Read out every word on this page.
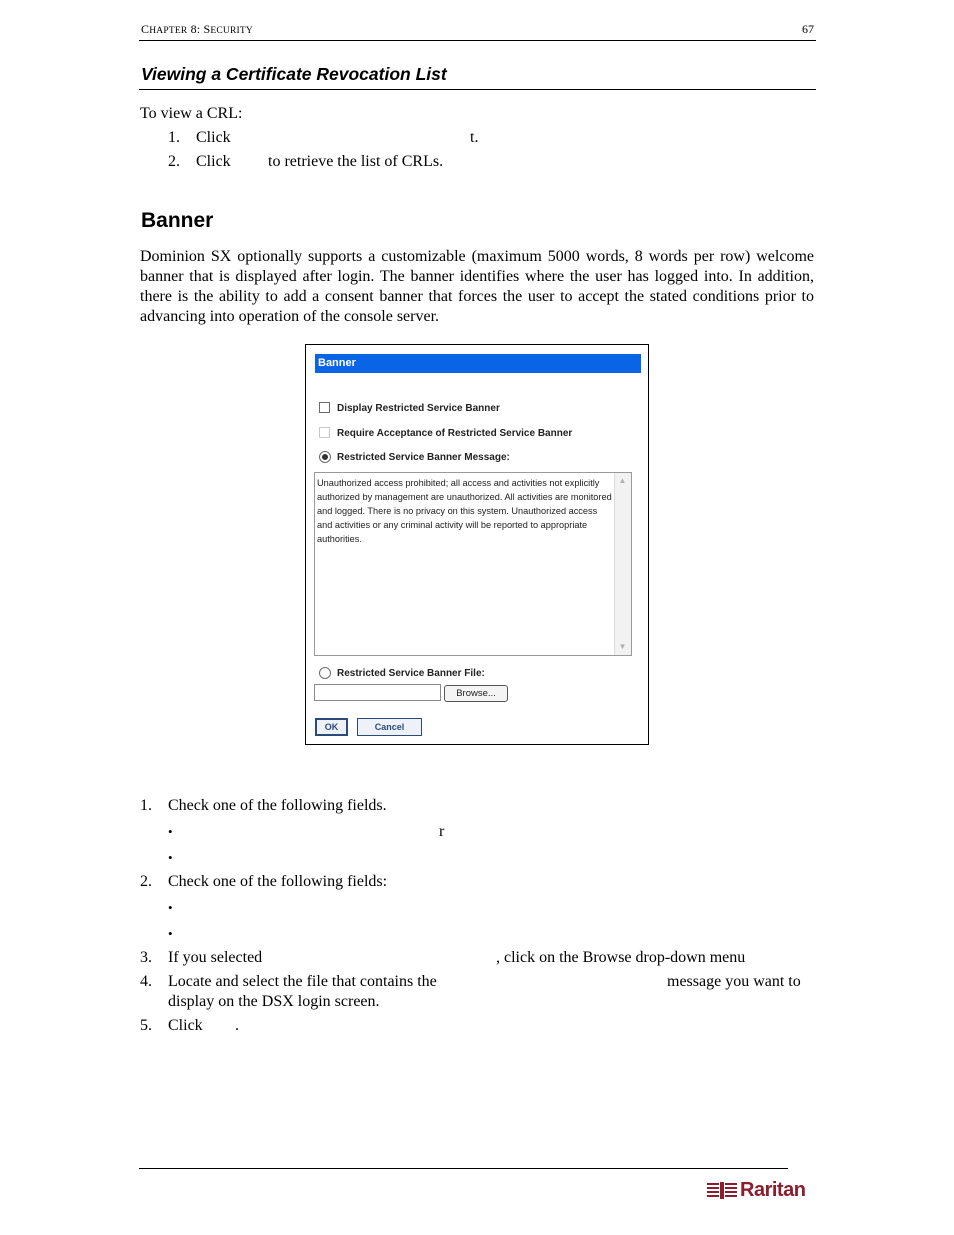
CHAPTER 8: SECURITY	67
Viewing a Certificate Revocation List
To view a CRL:
1. Click	t.
2. Click to retrieve the list of CRLs.
Banner
Dominion SX optionally supports a customizable (maximum 5000 words, 8 words per row) welcome banner that is displayed after login. The banner identifies where the user has logged into. In addition, there is the ability to add a consent banner that forces the user to accept the stated conditions prior to advancing into operation of the console server.
Banner
Display Restricted Service Banner
Require Acceptance of Restricted Service Banner
Restricted Service Banner Message:
Unauthorized access prohibited; all access and activities not explicitly authorized by management are unauthorized. All activities are monitored and logged. There is no privacy on this system. Unauthorized access and activities or any criminal activity will be reported to appropriate authorities.
▲
▼
Restricted Service Banner File:
Browse...
OK	Cancel
1. Check one of the following fields.
•	r
•
2. Check one of the following fields:
•
•
3. If you selected	, click on the Browse drop-down menu
4. Locate and select the file that contains the	message you want to
display on the DSX login screen.
5. Click .
Raritan
